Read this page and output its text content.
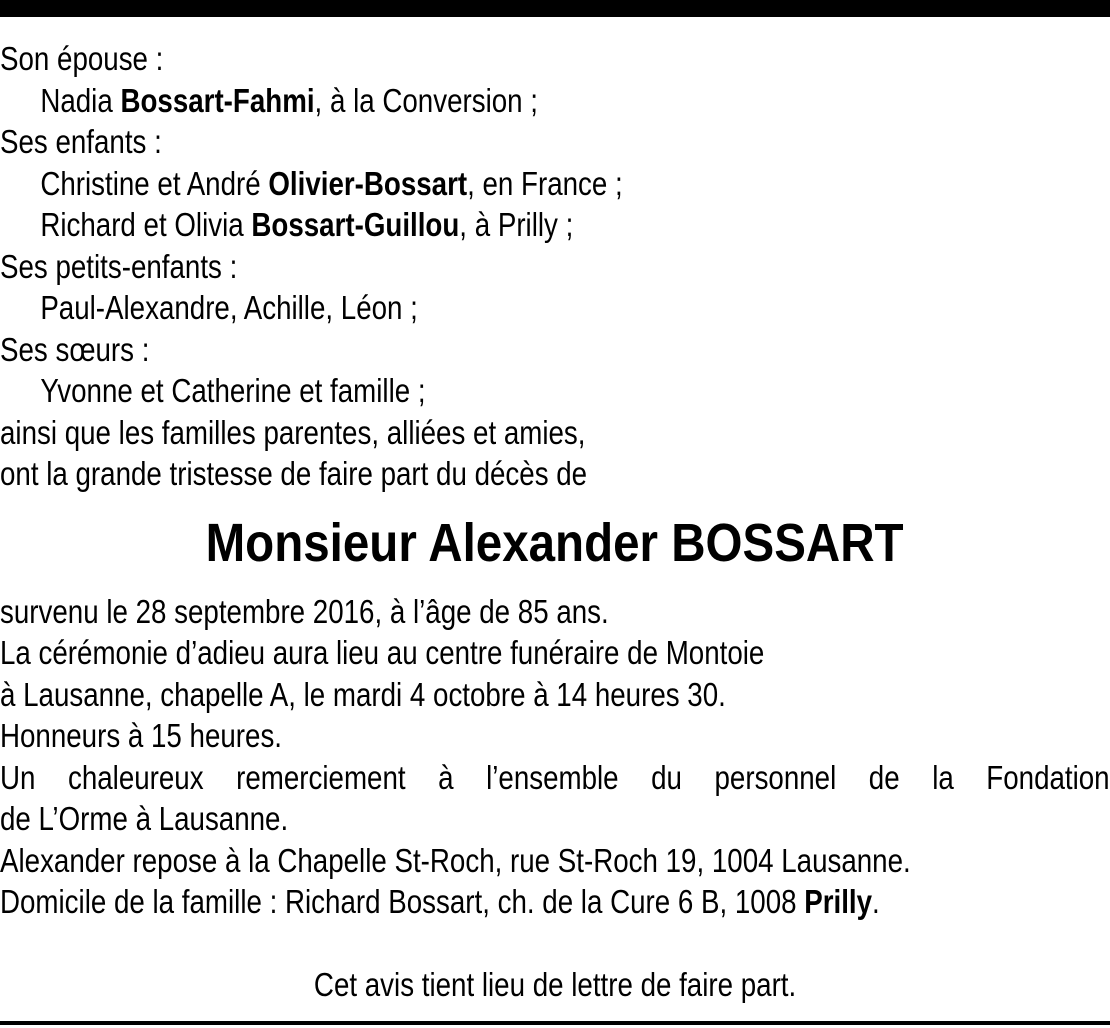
Son épouse :
Nadia Bossart-Fahmi, à la Conversion ;
Ses enfants :
Christine et André Olivier-Bossart, en France ;
Richard et Olivia Bossart-Guillou, à Prilly ;
Ses petits-enfants :
Paul-Alexandre, Achille, Léon ;
Ses sœurs :
Yvonne et Catherine et famille ;
ainsi que les familles parentes, alliées et amies,
ont la grande tristesse de faire part du décès de
Monsieur Alexander BOSSART
survenu le 28 septembre 2016, à l’âge de 85 ans.
La cérémonie d’adieu aura lieu au centre funéraire de Montoie
à Lausanne, chapelle A, le mardi 4 octobre à 14 heures 30.
Honneurs à 15 heures.
Un chaleureux remerciement à l’ensemble du personnel de la Fondation
de L’Orme à Lausanne.
Alexander repose à la Chapelle St-Roch, rue St-Roch 19, 1004 Lausanne.
Domicile de la famille : Richard Bossart, ch. de la Cure 6 B, 1008 Prilly.
Cet avis tient lieu de lettre de faire part.
